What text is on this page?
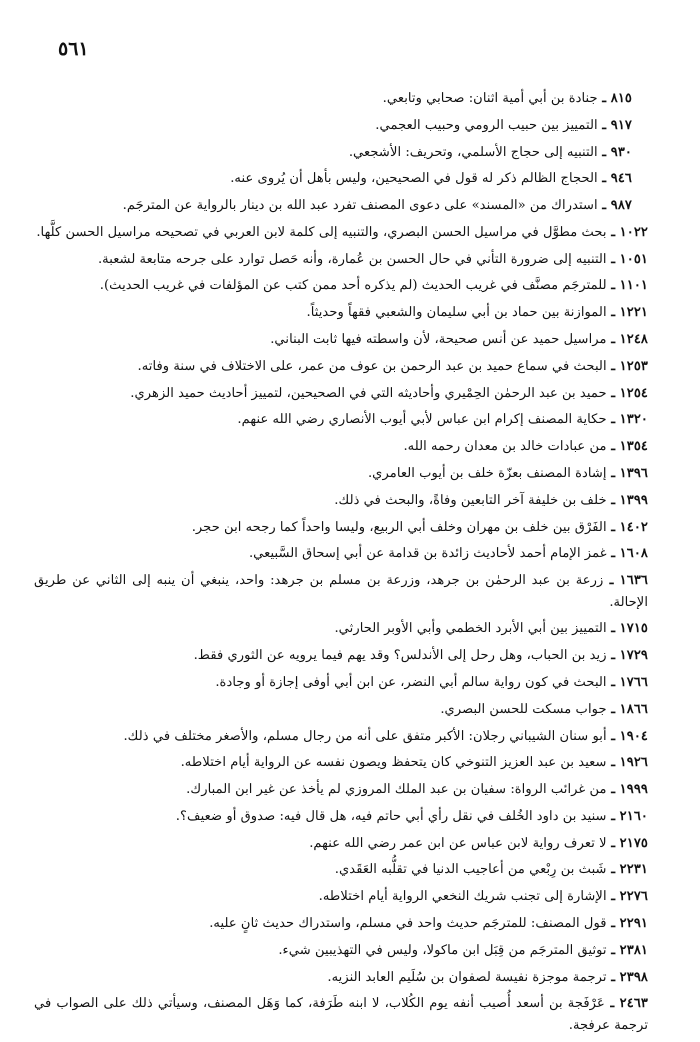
٥٦١

٨١٥ ـ جنادة بن أبي أمية اثنان: صحابي وتابعي.

٩١٧ ـ التمييز بين حبيب الرومي وحبيب العجمي.

٩٣٠ ـ التنبيه إلى حجاج الأسلمي، وتحريف: الأشجعي.

٩٤٦ ـ الحجاج الظالم ذكر له قول في الصحيحين، وليس بأهل أن يُروى عنه.

٩٨٧ ـ استدراك من «المسند» على دعوى المصنف تفرد عبد الله بن دينار بالرواية عن المترجَم.

١٠٢٢ ـ بحث مطوَّل في مراسيل الحسن البصري، والتنبيه إلى كلمة لابن العربي في تصحيحه مراسيل الحسن كلَّها.

١٠٥١ ـ التنبيه إلى ضرورة التأني في حال الحسن بن عُمارة، وأنه حَصل توارد على جرحه متابعة لشعبة.

١١٠١ ـ للمترجَم مصنَّف في غريب الحديث (لم يذكره أحد ممن كتب عن المؤلفات في غريب الحديث).

١٢٢١ ـ الموازنة بين حماد بن أبي سليمان والشعبي فقهاً وحديثاً.

١٢٤٨ ـ مراسيل حميد عن أنس صحيحة، لأن واسطته فيها ثابت البناني.

١٢٥٣ ـ البحث في سماع حميد بن عبد الرحمن بن عوف من عمر، على الاختلاف في سنة وفاته.

١٢٥٤ ـ حميد بن عبد الرحمٰن الحِمْيري وأحاديثه التي في الصحيحين، لتمييز أحاديث حميد الزهري.

١٣٢٠ ـ حكاية المصنف إكرام ابن عباس لأبي أيوب الأنصاري رضي الله عنهم.

١٣٥٤ ـ من عبادات خالد بن معدان رحمه الله.

١٣٩٦ ـ إشادة المصنف بعزّة خلف بن أيوب العامري.

١٣٩٩ ـ خلف بن خليفة آخر التابعين وفاةً، والبحث في ذلك.

١٤٠٢ ـ الفَرْق بين خلف بن مهران وخلف أبي الربيع، وليسا واحداً كما رجحه ابن حجر.

١٦٠٨ ـ غمز الإمام أحمد لأحاديث زائدة بن قدامة عن أبي إسحاق السَّبيعي.

١٦٣٦ ـ زرعة بن عبد الرحمٰن بن جرهد، وزرعة بن مسلم بن جرهد: واحد، ينبغي أن ينبه إلى الثاني عن طريق الإحالة.

١٧١٥ ـ التمييز بين أبي الأبرد الخطمي وأبي الأوبر الحارثي.

١٧٢٩ ـ زيد بن الحباب، وهل رحل إلى الأندلس؟ وقد يهم فيما يرويه عن الثوري فقط.

١٧٦٦ ـ البحث في كون رواية سالم أبي النضر، عن ابن أبي أوفى إجازة أو وجادة.

١٨٦٦ ـ جواب مسكت للحسن البصري.

١٩٠٤ ـ أبو سنان الشيباني رجلان: الأكبر متفق على أنه من رجال مسلم، والأصغر مختلف في ذلك.

١٩٢٦ ـ سعيد بن عبد العزيز التنوخي كان يتحفظ ويصون نفسه عن الرواية أيام اختلاطه.

١٩٩٩ ـ من غرائب الرواة: سفيان بن عبد الملك المروزي لم يأخذ عن غير ابن المبارك.

٢١٦٠ ـ سنيد بن داود الخُلف في نقل رأي أبي حاتم فيه، هل قال فيه: صدوق أو ضعيف؟.

٢١٧٥ ـ لا تعرف رواية لابن عباس عن ابن عمر رضي الله عنهم.

٢٢٣١ ـ شَبث بن رِبْعي من أعاجيب الدنيا في تقلُّبه العَقَدي.

٢٢٧٦ ـ الإشارة إلى تجنب شريك النخعي الرواية أيام اختلاطه.

٢٢٩١ ـ قول المصنف: للمترجَم حديث واحد في مسلم، واستدراك حديث ثانٍ عليه.

٢٣٨١ ـ توثيق المترجَم من قِبَل ابن ماكولا، وليس في التهذيبين شيء.

٢٣٩٨ ـ ترجمة موجزة نفيسة لصفوان بن سُلَيم العابد النزيه.

٢٤٦٣ ـ عَرْفَجة بن أسعد أُصيب أنفه يوم الكُلاب، لا ابنه طَرَفة، كما وَهَل المصنف، وسيأتي ذلك على الصواب في ترجمة عرفجة.
